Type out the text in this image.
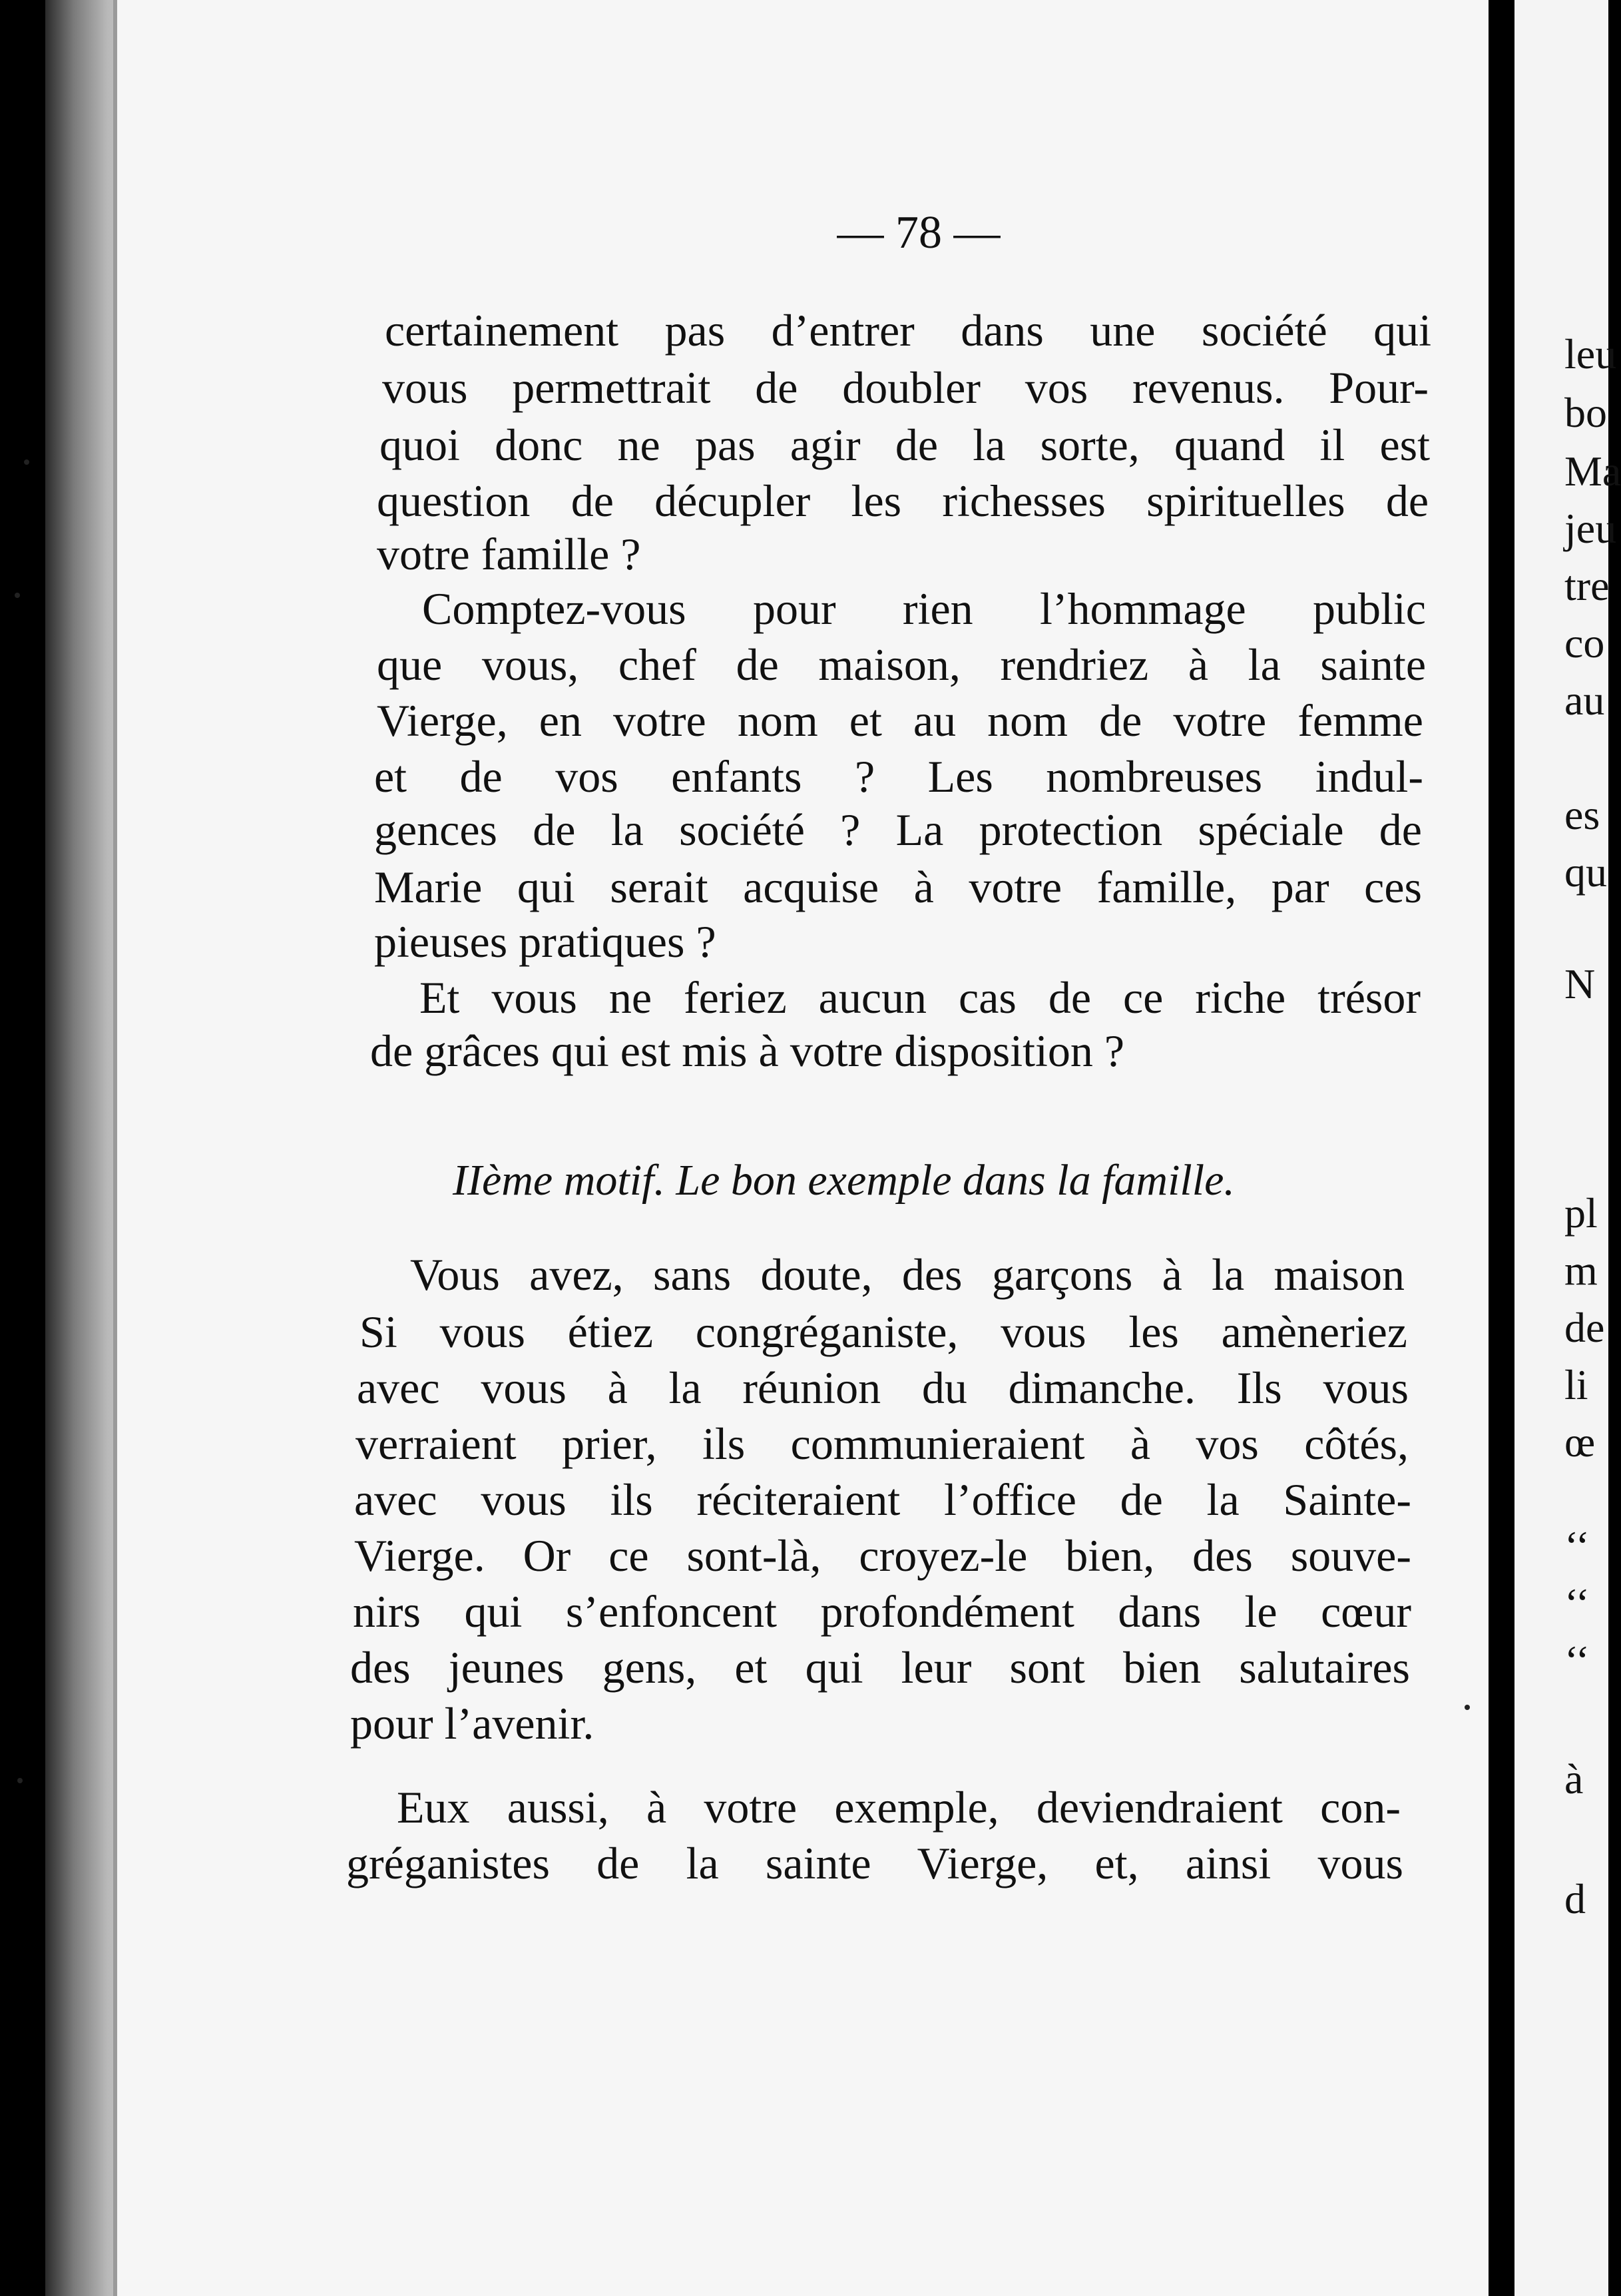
— 78 —
certainement pas d’entrer dans une société qui
vous permettrait de doubler vos revenus. Pour-
quoi donc ne pas agir de la sorte, quand il est
question de décupler les richesses spirituelles de
votre famille ?
Comptez-vous pour rien l’hommage public
que vous, chef de maison, rendriez à la sainte
Vierge, en votre nom et au nom de votre femme
et de vos enfants ? Les nombreuses indul-
gences de la société ? La protection spéciale de
Marie qui serait acquise à votre famille, par ces
pieuses pratiques ?
Et vous ne feriez aucun cas de ce riche trésor
de grâces qui est mis à votre disposition ?
IIème motif. Le bon exemple dans la famille.
Vous avez, sans doute, des garçons à la maison
Si vous étiez congréganiste, vous les amèneriez
avec vous à la réunion du dimanche. Ils vous
verraient prier, ils communieraient à vos côtés,
avec vous ils réciteraient l’office de la Sainte-
Vierge. Or ce sont-là, croyez-le bien, des souve-
nirs qui s’enfoncent profondément dans le cœur
des jeunes gens, et qui leur sont bien salutaires
pour l’avenir.
Eux aussi, à votre exemple, deviendraient con-
gréganistes de la sainte Vierge, et, ainsi vous
leu
bo
Ma
jeu
tre
co
au
es
qu
N
pl
m
de
li
œ
‘‘
‘‘
‘‘
à
d
